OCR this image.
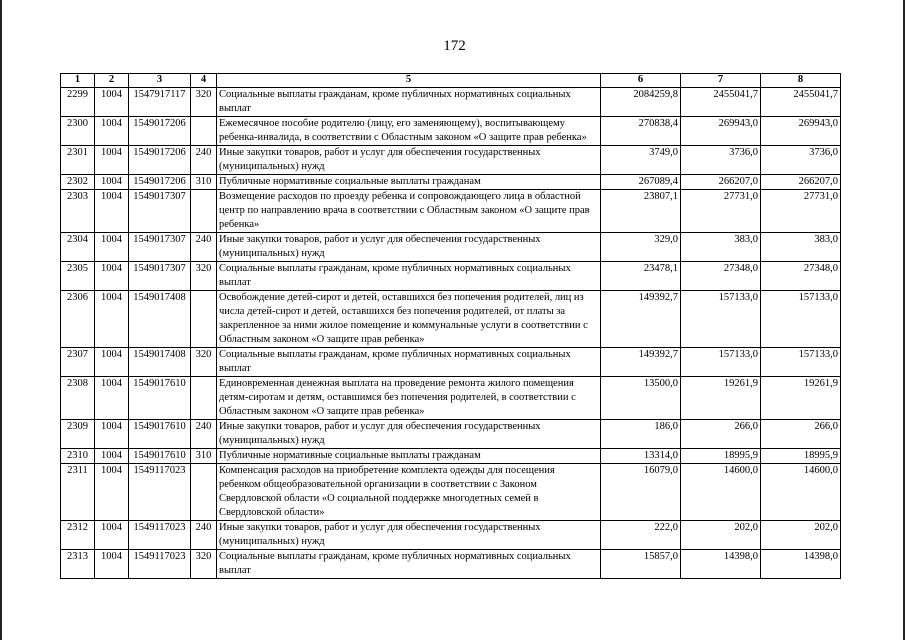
172
1	2	3	4	5	6	7	8
2299	1004	1547917117	320	Социальные выплаты гражданам, кроме публичных нормативных социальных выплат	2084259,8	2455041,7	2455041,7
2300	1004	1549017206		Ежемесячное пособие родителю (лицу, его заменяющему), воспитывающему ребенка-инвалида, в соответствии с Областным законом «О защите прав ребенка»	270838,4	269943,0	269943,0
2301	1004	1549017206	240	Иные закупки товаров, работ и услуг для обеспечения государственных (муниципальных) нужд	3749,0	3736,0	3736,0
2302	1004	1549017206	310	Публичные нормативные социальные выплаты гражданам	267089,4	266207,0	266207,0
2303	1004	1549017307		Возмещение расходов по проезду ребенка и сопровождающего лица в областной центр по направлению врача в соответствии с Областным законом «О защите прав ребенка»	23807,1	27731,0	27731,0
2304	1004	1549017307	240	Иные закупки товаров, работ и услуг для обеспечения государственных (муниципальных) нужд	329,0	383,0	383,0
2305	1004	1549017307	320	Социальные выплаты гражданам, кроме публичных нормативных социальных выплат	23478,1	27348,0	27348,0
2306	1004	1549017408		Освобождение детей-сирот и детей, оставшихся без попечения родителей, лиц из числа детей-сирот и детей, оставшихся без попечения родителей, от платы за закрепленное за ними жилое помещение и коммунальные услуги в соответствии с Областным законом «О защите прав ребенка»	149392,7	157133,0	157133,0
2307	1004	1549017408	320	Социальные выплаты гражданам, кроме публичных нормативных социальных выплат	149392,7	157133,0	157133,0
2308	1004	1549017610		Единовременная денежная выплата на проведение ремонта жилого помещения детям-сиротам и детям, оставшимся без попечения родителей, в соответствии с Областным законом «О защите прав ребенка»	13500,0	19261,9	19261,9
2309	1004	1549017610	240	Иные закупки товаров, работ и услуг для обеспечения государственных (муниципальных) нужд	186,0	266,0	266,0
2310	1004	1549017610	310	Публичные нормативные социальные выплаты гражданам	13314,0	18995,9	18995,9
2311	1004	1549117023		Компенсация расходов на приобретение комплекта одежды для посещения ребенком общеобразовательной организации в соответствии с Законом Свердловской области «О социальной поддержке многодетных семей в Свердловской области»	16079,0	14600,0	14600,0
2312	1004	1549117023	240	Иные закупки товаров, работ и услуг для обеспечения государственных (муниципальных) нужд	222,0	202,0	202,0
2313	1004	1549117023	320	Социальные выплаты гражданам, кроме публичных нормативных социальных выплат	15857,0	14398,0	14398,0
